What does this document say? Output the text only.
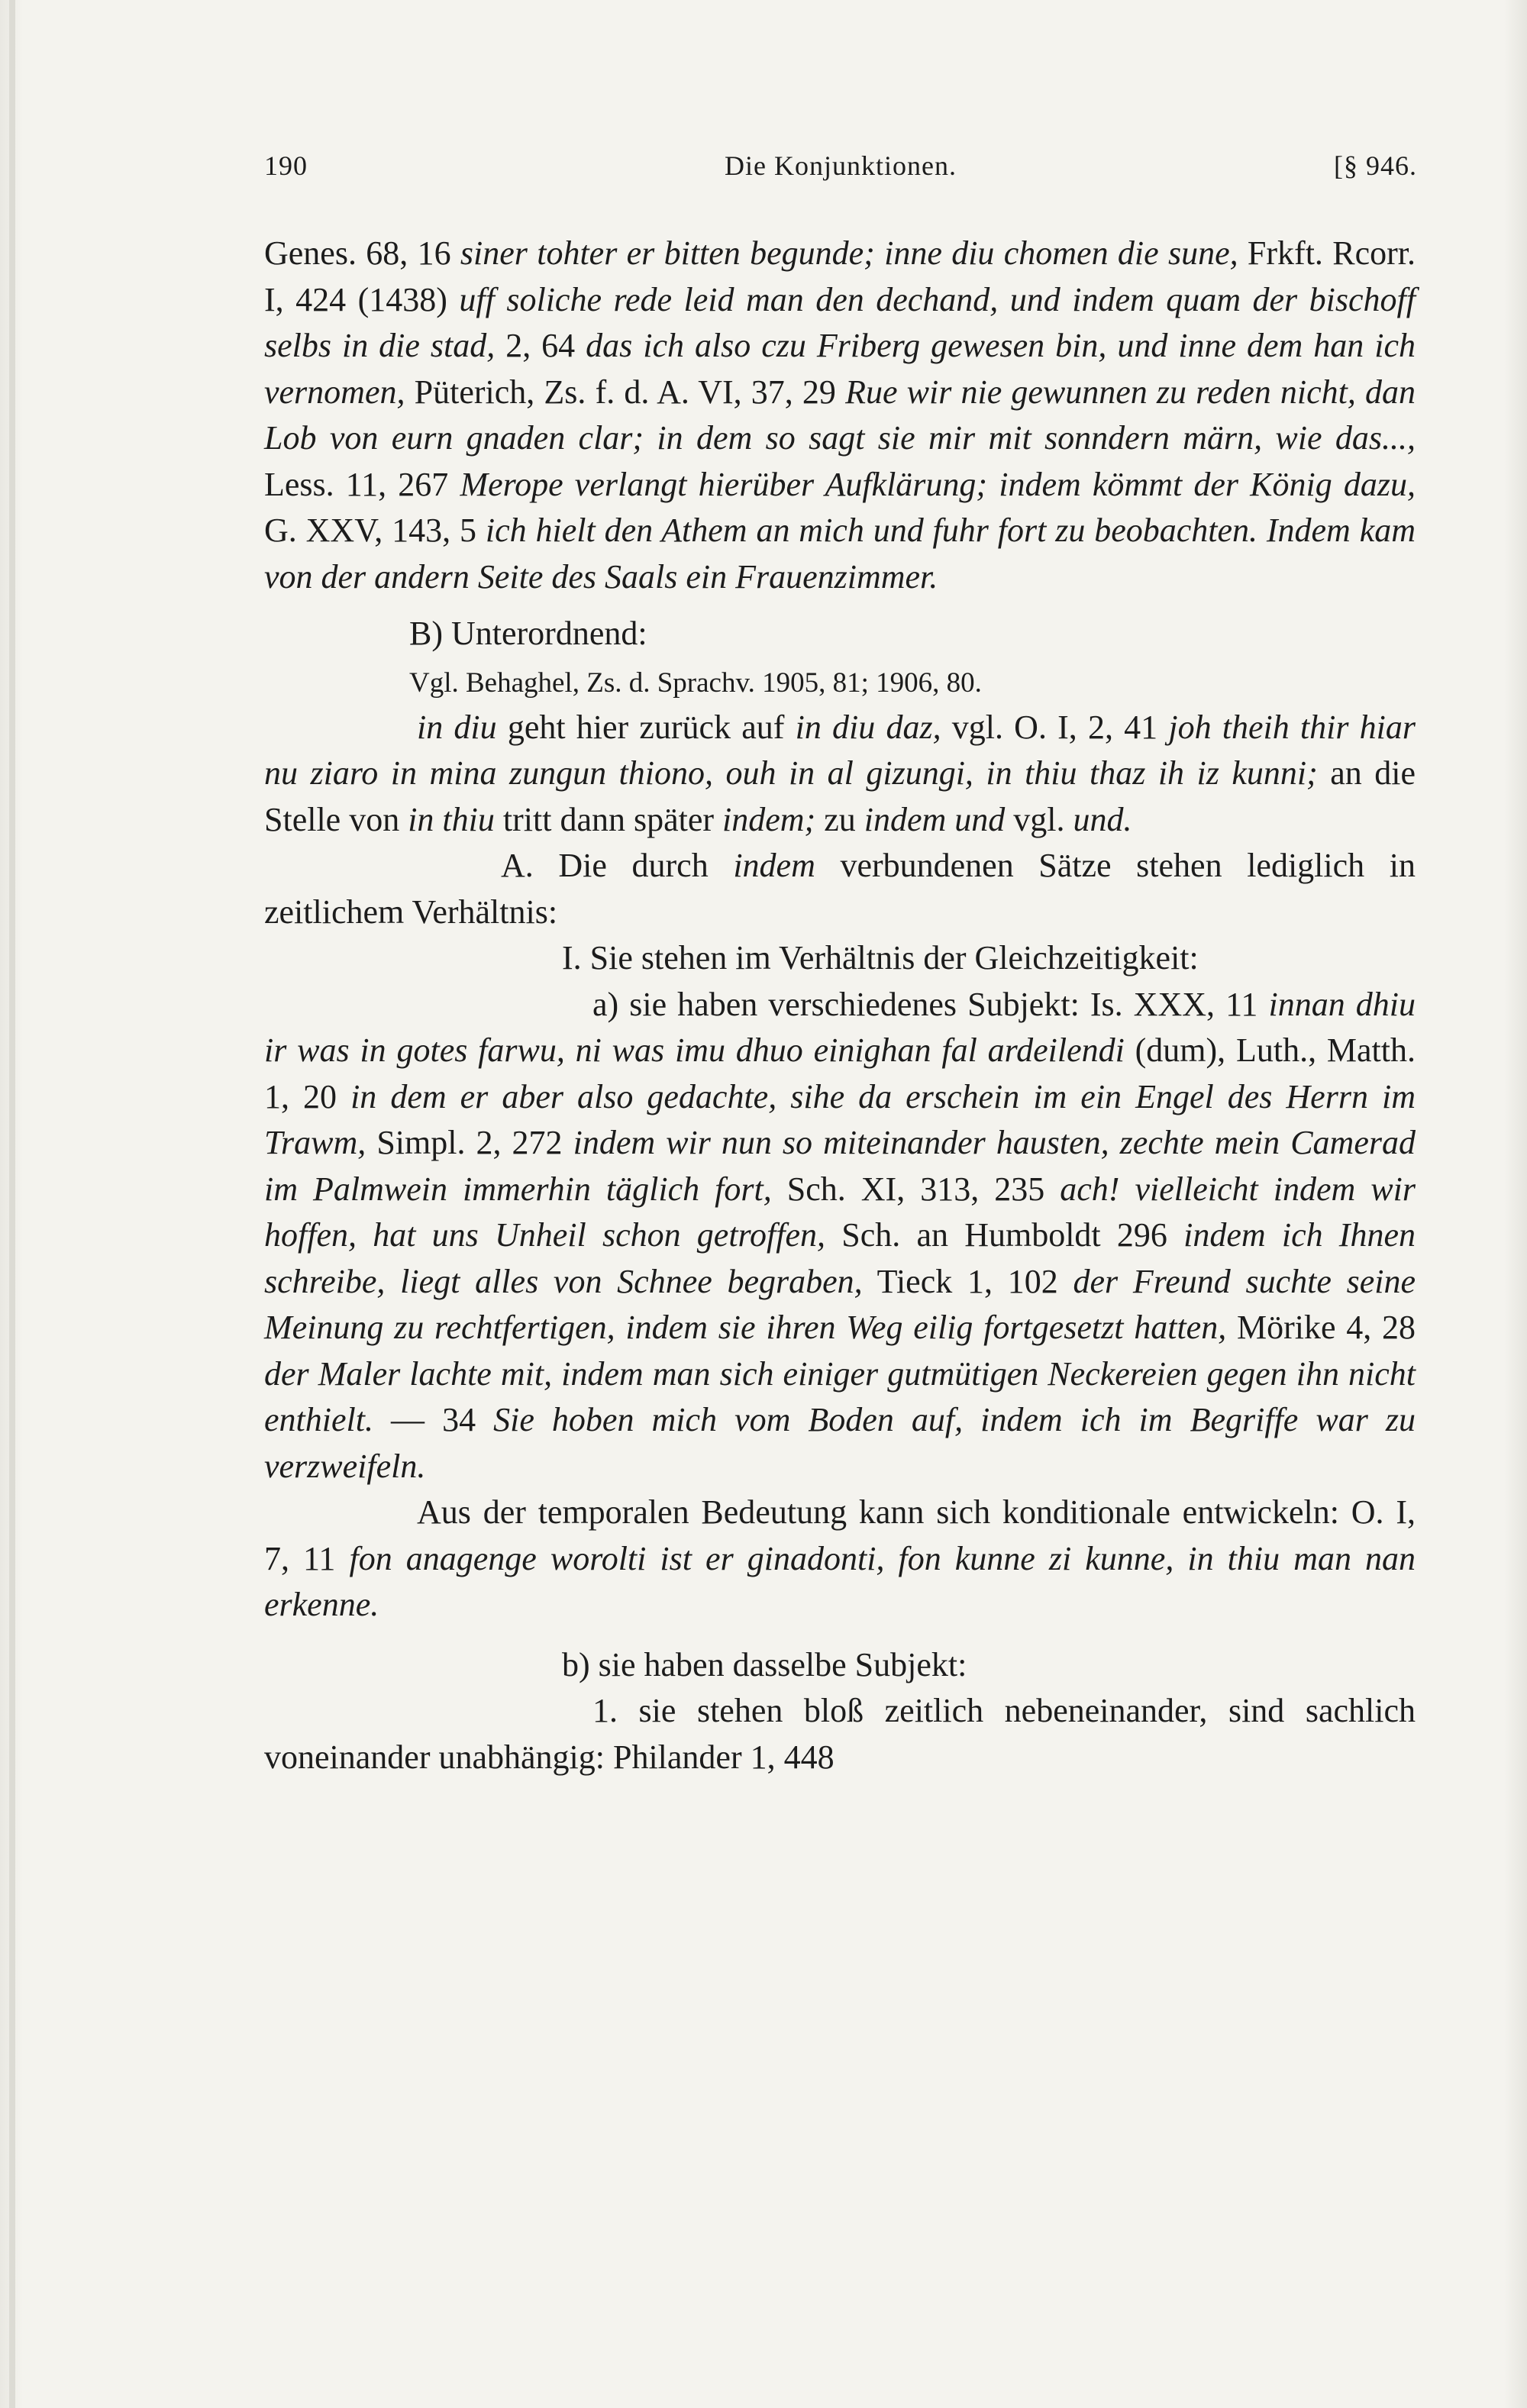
190	Die Konjunktionen.	[§ 946.

Genes. 68, 16 siner tohter er bitten begunde; inne diu chomen die sune, Frkft. Rcorr. I, 424 (1438) uff soliche rede leid man den dechand, und indem quam der bischoff selbs in die stad, 2, 64 das ich also czu Friberg gewesen bin, und inne dem han ich vernomen, Püterich, Zs. f. d. A. VI, 37, 29 Rue wir nie gewunnen zu reden nicht, dan Lob von eurn gnaden clar; in dem so sagt sie mir mit sonndern märn, wie das..., Less. 11, 267 Merope verlangt hierüber Aufklärung; indem kömmt der König dazu, G. XXV, 143, 5 ich hielt den Athem an mich und fuhr fort zu beobachten. Indem kam von der andern Seite des Saals ein Frauenzimmer.

B) Unterordnend:

Vgl. Behaghel, Zs. d. Sprachv. 1905, 81; 1906, 80.

in diu geht hier zurück auf in diu daz, vgl. O. I, 2, 41 joh theih thir hiar nu ziaro in mina zungun thiono, ouh in al gizungi, in thiu thaz ih iz kunni; an die Stelle von in thiu tritt dann später indem; zu indem und vgl. und.

A. Die durch indem verbundenen Sätze stehen lediglich in zeitlichem Verhältnis:

I. Sie stehen im Verhältnis der Gleichzeitigkeit:

a) sie haben verschiedenes Subjekt: Is. XXX, 11 innan dhiu ir was in gotes farwu, ni was imu dhuo einighan fal ardeilendi (dum), Luth., Matth. 1, 20 in dem er aber also gedachte, sihe da erschein im ein Engel des Herrn im Trawm, Simpl. 2, 272 indem wir nun so miteinander hausten, zechte mein Camerad im Palmwein immerhin täglich fort, Sch. XI, 313, 235 ach! vielleicht indem wir hoffen, hat uns Unheil schon getroffen, Sch. an Humboldt 296 indem ich Ihnen schreibe, liegt alles von Schnee begraben, Tieck 1, 102 der Freund suchte seine Meinung zu rechtfertigen, indem sie ihren Weg eilig fortgesetzt hatten, Mörike 4, 28 der Maler lachte mit, indem man sich einiger gutmütigen Neckereien gegen ihn nicht enthielt. — 34 Sie hoben mich vom Boden auf, indem ich im Begriffe war zu verzweifeln.

Aus der temporalen Bedeutung kann sich konditionale entwickeln: O. I, 7, 11 fon anagenge worolti ist er ginadonti, fon kunne zi kunne, in thiu man nan erkenne.

b) sie haben dasselbe Subjekt:

1. sie stehen bloß zeitlich nebeneinander, sind sachlich voneinander unabhängig: Philander 1, 448
